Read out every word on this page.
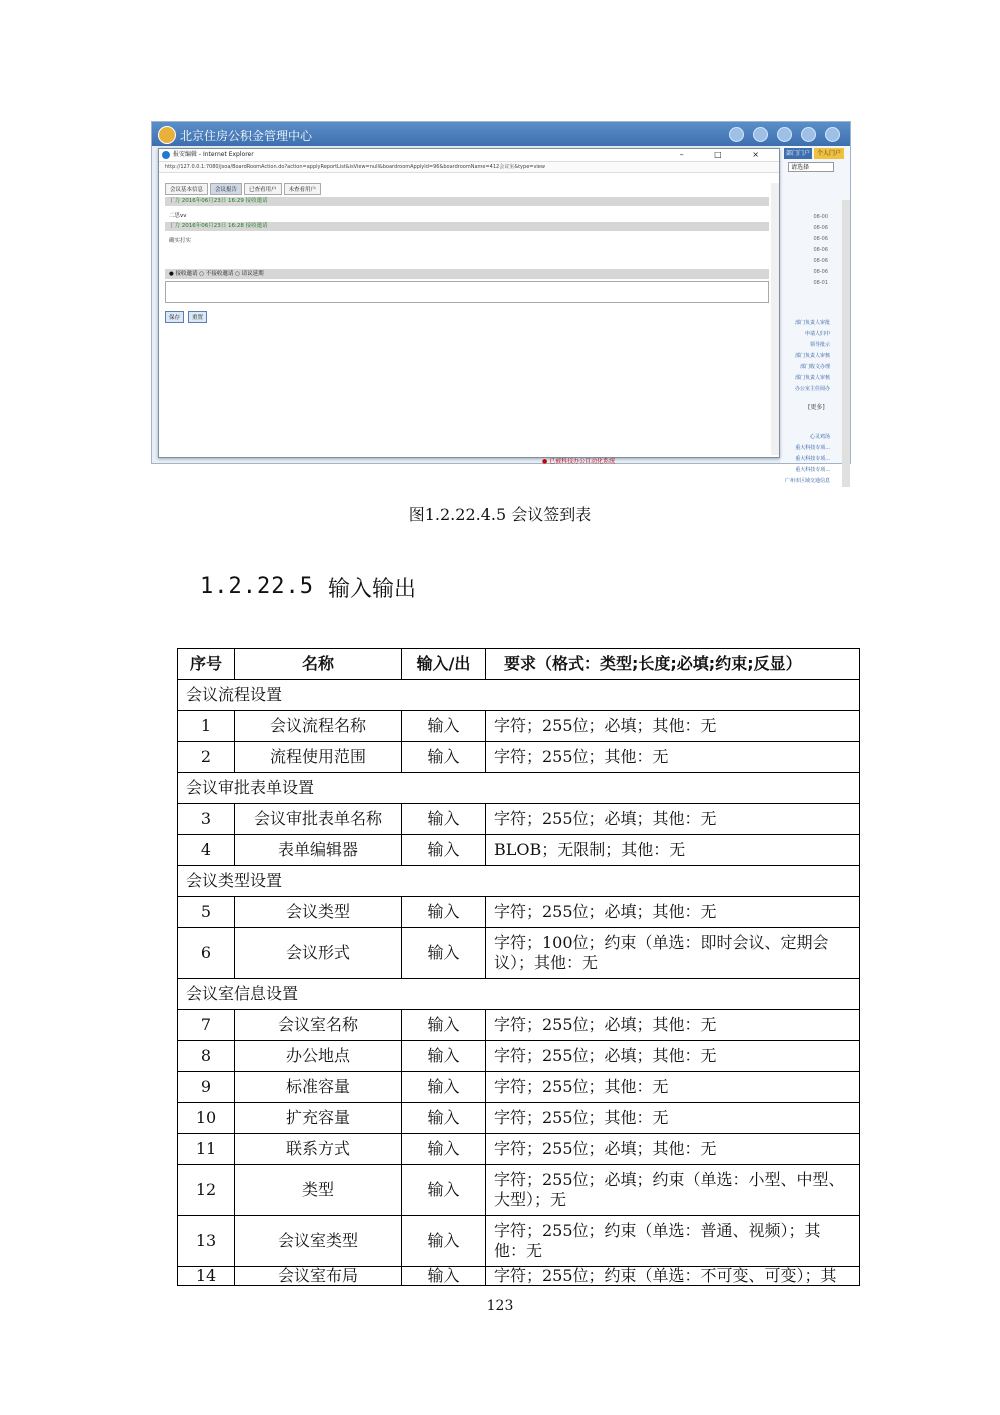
北京住房公积金管理中心
部门门户	个人门户
请选择
08-00
08-06
08-06
08-06
08-06
08-06
08-01
部门负责人审批
申请人归中
领导批示
部门负责人审核
部门收文办理
部门负责人审核
办公室主任阅办
[更多]
心灵鸡汤
重大科技专项...
重大科技专项...
重大科技专项...
广州市区域交通信息
● 已被科技办公自动化系统
报安编辑 - Internet Explorer	– □ ×
http://127.0.0.1:7080/jsoa/BoardRoomAction.do?action=applyReportList&isView=null&boardroomApplyId=96&boardroomName=412会议室&type=view
会议基本信息 会议报告 已查看用户 未查看用户
丁力 2016年06月23日 16:29 接收邀请
二思vv
丁力 2016年06月23日 16:28 接收邀请
确实打实
● 接收邀请 ○ 不接收邀请 ○ 请议延期
保存 重置
图1.2.22.4.5 会议签到表
1.2.22.5 输入输出
序号	名称	输入/出	要求（格式：类型;长度;必填;约束;反显）
会议流程设置			
1	会议流程名称	输入	字符；255位；必填；其他：无
2	流程使用范围	输入	字符；255位；其他：无
会议审批表单设置			
3	会议审批表单名称	输入	字符；255位；必填；其他：无
4	表单编辑器	输入	BLOB；无限制；其他：无
会议类型设置			
5	会议类型	输入	字符；255位；必填；其他：无
6	会议形式	输入	字符；100位；约束（单选：即时会议、定期会议）；其他：无
会议室信息设置			
7	会议室名称	输入	字符；255位；必填；其他：无
8	办公地点	输入	字符；255位；必填；其他：无
9	标准容量	输入	字符；255位；其他：无
10	扩充容量	输入	字符；255位；其他：无
11	联系方式	输入	字符；255位；必填；其他：无
12	类型	输入	字符；255位；必填；约束（单选：小型、中型、大型）；无
13	会议室类型	输入	字符；255位；约束（单选：普通、视频）；其他：无
14	会议室布局	输入	字符；255位；约束（单选：不可变、可变）；其
123
